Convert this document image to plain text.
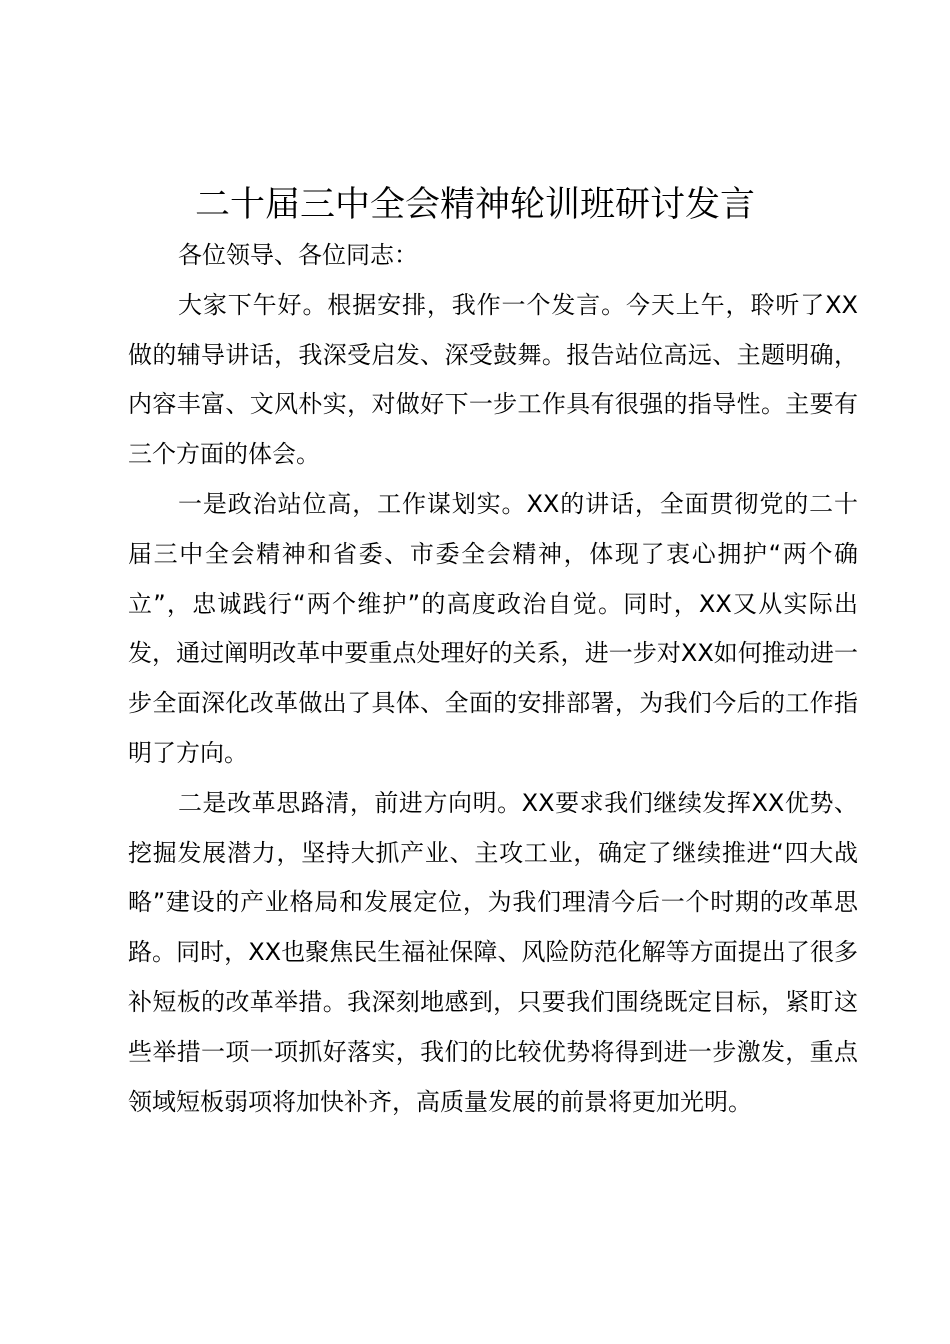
二十届三中全会精神轮训班研讨发言

各位领导、各位同志：

大家下午好。根据安排，我作一个发言。今天上午，聆听了XX做的辅导讲话，我深受启发、深受鼓舞。报告站位高远、主题明确，内容丰富、文风朴实，对做好下一步工作具有很强的指导性。主要有三个方面的体会。

一是政治站位高，工作谋划实。XX的讲话，全面贯彻党的二十届三中全会精神和省委、市委全会精神，体现了衷心拥护“两个确立”，忠诚践行“两个维护”的高度政治自觉。同时，XX又从实际出发，通过阐明改革中要重点处理好的关系，进一步对XX如何推动进一步全面深化改革做出了具体、全面的安排部署，为我们今后的工作指明了方向。

二是改革思路清，前进方向明。XX要求我们继续发挥XX优势、挖掘发展潜力，坚持大抓产业、主攻工业，确定了继续推进“四大战略”建设的产业格局和发展定位，为我们理清今后一个时期的改革思路。同时，XX也聚焦民生福祉保障、风险防范化解等方面提出了很多补短板的改革举措。我深刻地感到，只要我们围绕既定目标，紧盯这些举措一项一项抓好落实，我们的比较优势将得到进一步激发，重点领域短板弱项将加快补齐，高质量发展的前景将更加光明。
